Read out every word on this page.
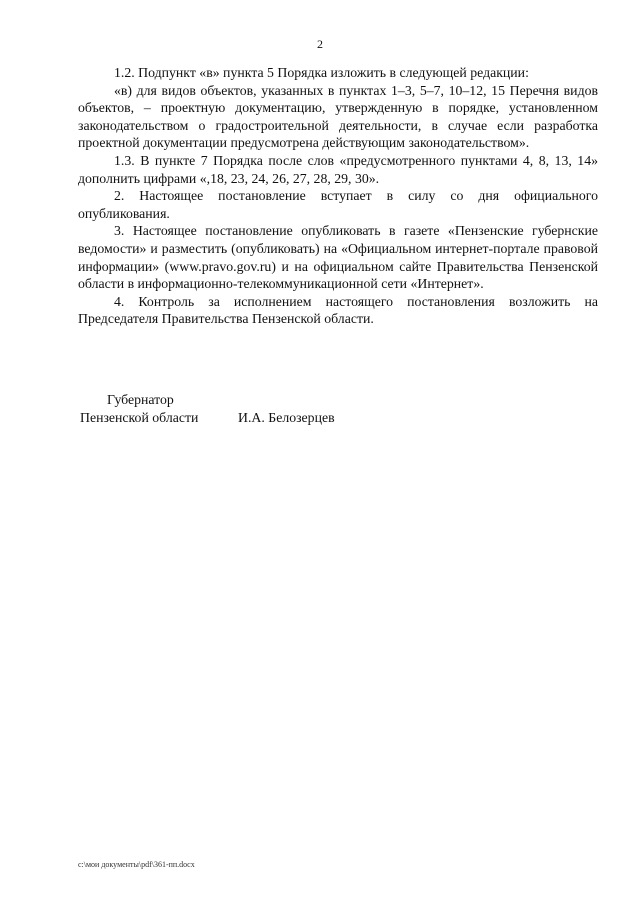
2

1.2. Подпункт «в» пункта 5 Порядка изложить в следующей редакции:

«в) для видов объектов, указанных в пунктах 1–3, 5–7, 10–12, 15 Перечня видов объектов, – проектную документацию, утвержденную в порядке, установленном законодательством о градостроительной деятельности, в случае если разработка проектной документации предусмотрена действующим законодательством».

1.3. В пункте 7 Порядка после слов «предусмотренного пунктами 4, 8, 13, 14» дополнить цифрами «,18, 23, 24, 26, 27, 28, 29, 30».

2. Настоящее постановление вступает в силу со дня официального опубликования.

3. Настоящее постановление опубликовать в газете «Пензенские губернские ведомости» и разместить (опубликовать) на «Официальном интернет-портале правовой информации» (www.pravo.gov.ru) и на официальном сайте Правительства Пензенской области в информационно-телекоммуникационной сети «Интернет».

4. Контроль за исполнением настоящего постановления возложить на Председателя Правительства Пензенской области.

Губернатор
Пензенской области	И.А. Белозерцев
c:\мои документы\pdf\361-пп.docx
